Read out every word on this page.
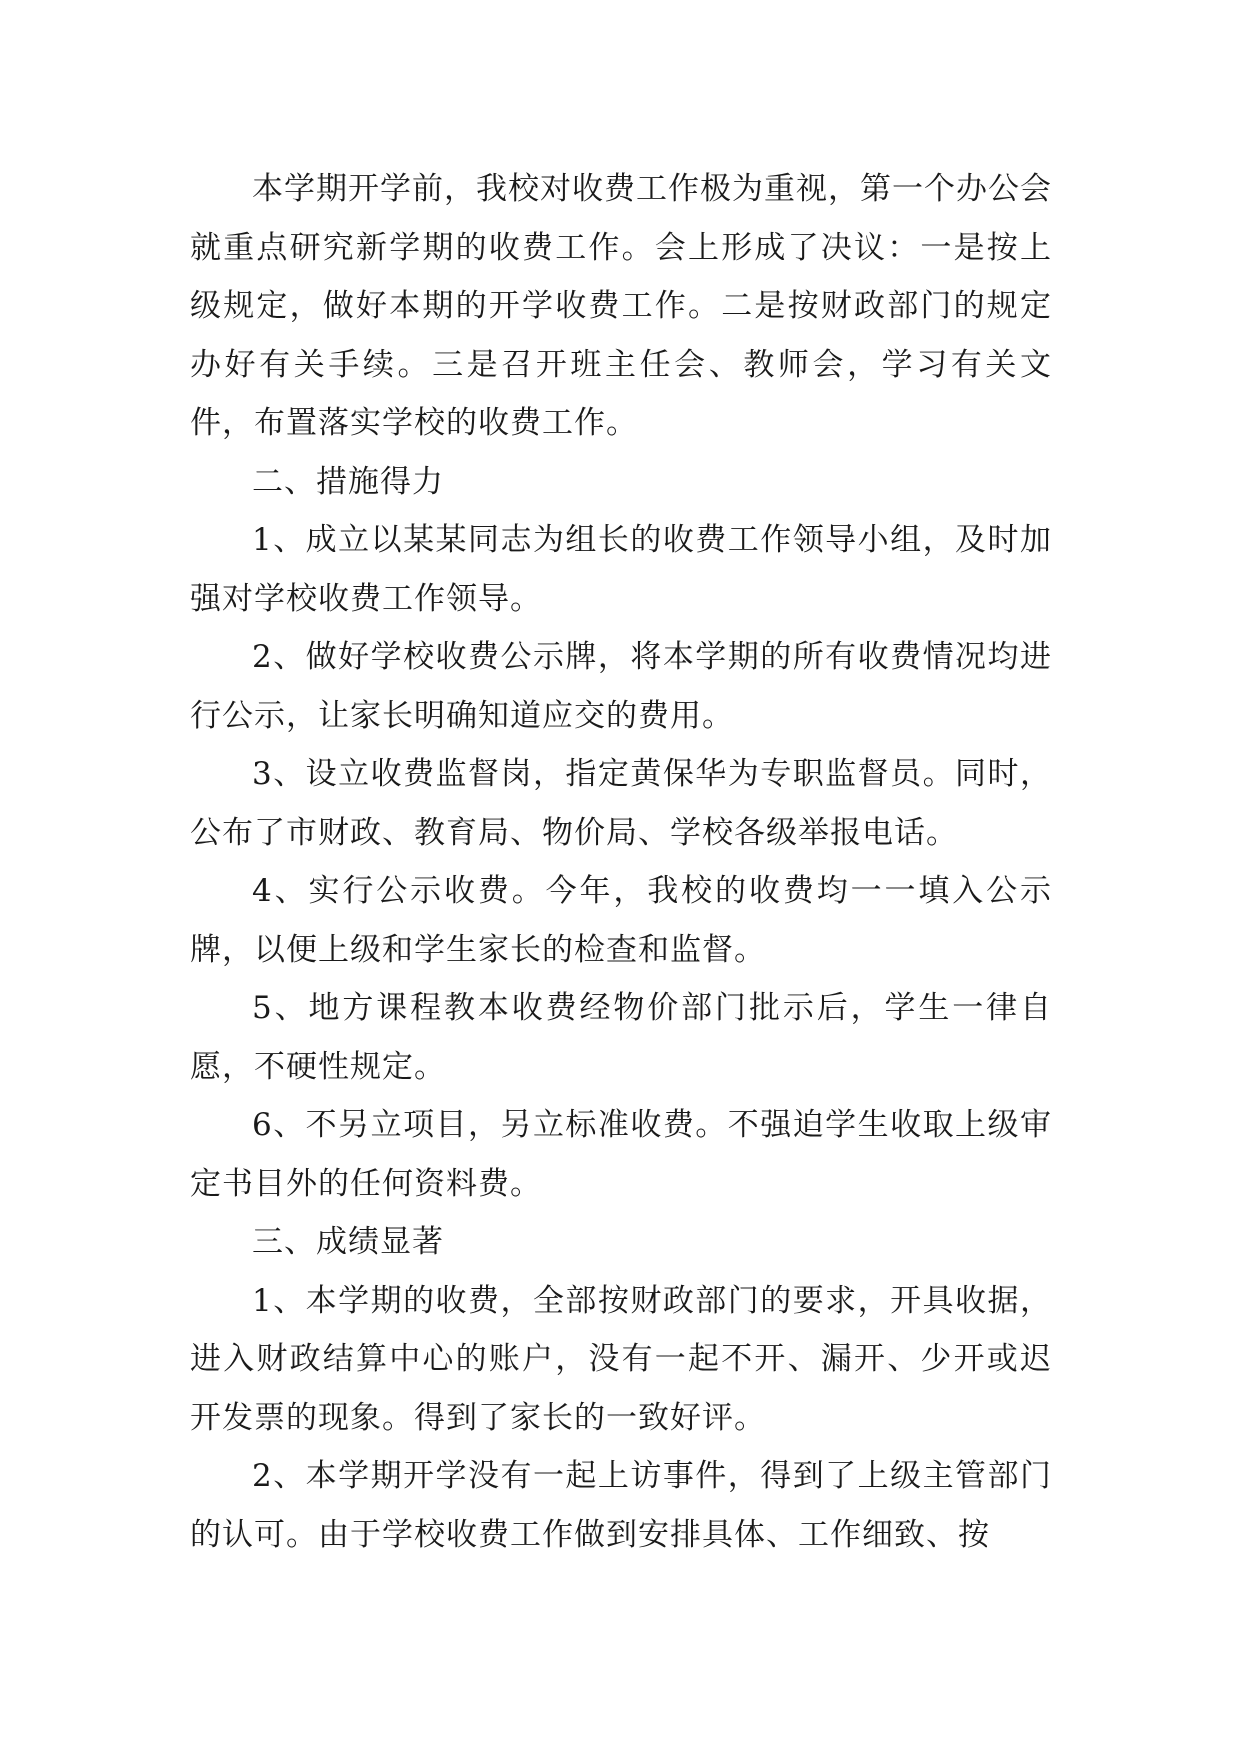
本学期开学前，我校对收费工作极为重视，第一个办公会就重点研究新学期的收费工作。会上形成了决议：一是按上级规定，做好本期的开学收费工作。二是按财政部门的规定办好有关手续。三是召开班主任会、教师会，学习有关文件，布置落实学校的收费工作。

二、措施得力

1、成立以某某同志为组长的收费工作领导小组，及时加强对学校收费工作领导。

2、做好学校收费公示牌，将本学期的所有收费情况均进行公示，让家长明确知道应交的费用。

3、设立收费监督岗，指定黄保华为专职监督员。同时，公布了市财政、教育局、物价局、学校各级举报电话。

4、实行公示收费。今年，我校的收费均一一填入公示牌，以便上级和学生家长的检查和监督。

5、地方课程教本收费经物价部门批示后，学生一律自愿，不硬性规定。

6、不另立项目，另立标准收费。不强迫学生收取上级审定书目外的任何资料费。

三、成绩显著

1、本学期的收费，全部按财政部门的要求，开具收据，进入财政结算中心的账户，没有一起不开、漏开、少开或迟开发票的现象。得到了家长的一致好评。

2、本学期开学没有一起上访事件，得到了上级主管部门的认可。由于学校收费工作做到安排具体、工作细致、按
